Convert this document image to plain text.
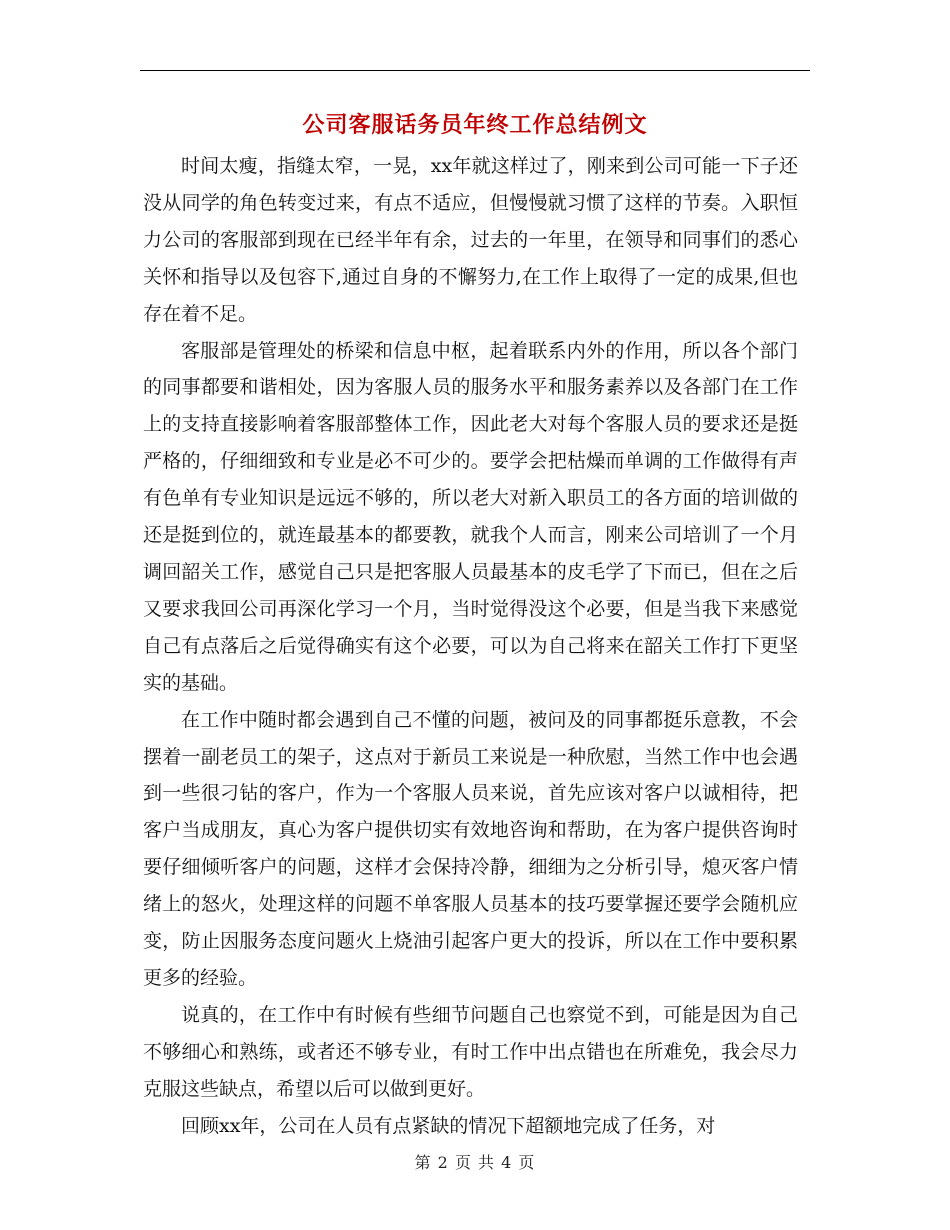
公司客服话务员年终工作总结例文

时间太瘦，指缝太窄，一晃，xx年就这样过了，刚来到公司可能一下子还没从同学的角色转变过来，有点不适应，但慢慢就习惯了这样的节奏。入职恒力公司的客服部到现在已经半年有余，过去的一年里，在领导和同事们的悉心关怀和指导以及包容下,通过自身的不懈努力,在工作上取得了一定的成果,但也存在着不足。

客服部是管理处的桥梁和信息中枢，起着联系内外的作用，所以各个部门的同事都要和谐相处，因为客服人员的服务水平和服务素养以及各部门在工作上的支持直接影响着客服部整体工作，因此老大对每个客服人员的要求还是挺严格的，仔细细致和专业是必不可少的。要学会把枯燥而单调的工作做得有声有色单有专业知识是远远不够的，所以老大对新入职员工的各方面的培训做的还是挺到位的，就连最基本的都要教，就我个人而言，刚来公司培训了一个月调回韶关工作，感觉自己只是把客服人员最基本的皮毛学了下而已，但在之后又要求我回公司再深化学习一个月，当时觉得没这个必要，但是当我下来感觉自己有点落后之后觉得确实有这个必要，可以为自己将来在韶关工作打下更坚实的基础。

在工作中随时都会遇到自己不懂的问题，被问及的同事都挺乐意教，不会摆着一副老员工的架子，这点对于新员工来说是一种欣慰，当然工作中也会遇到一些很刁钻的客户，作为一个客服人员来说，首先应该对客户以诚相待，把客户当成朋友，真心为客户提供切实有效地咨询和帮助，在为客户提供咨询时要仔细倾听客户的问题，这样才会保持冷静，细细为之分析引导，熄灭客户情绪上的怒火，处理这样的问题不单客服人员基本的技巧要掌握还要学会随机应变，防止因服务态度问题火上烧油引起客户更大的投诉，所以在工作中要积累更多的经验。

说真的，在工作中有时候有些细节问题自己也察觉不到，可能是因为自己不够细心和熟练，或者还不够专业，有时工作中出点错也在所难免，我会尽力克服这些缺点，希望以后可以做到更好。

回顾xx年，公司在人员有点紧缺的情况下超额地完成了任务，对

第 2 页 共 4 页
